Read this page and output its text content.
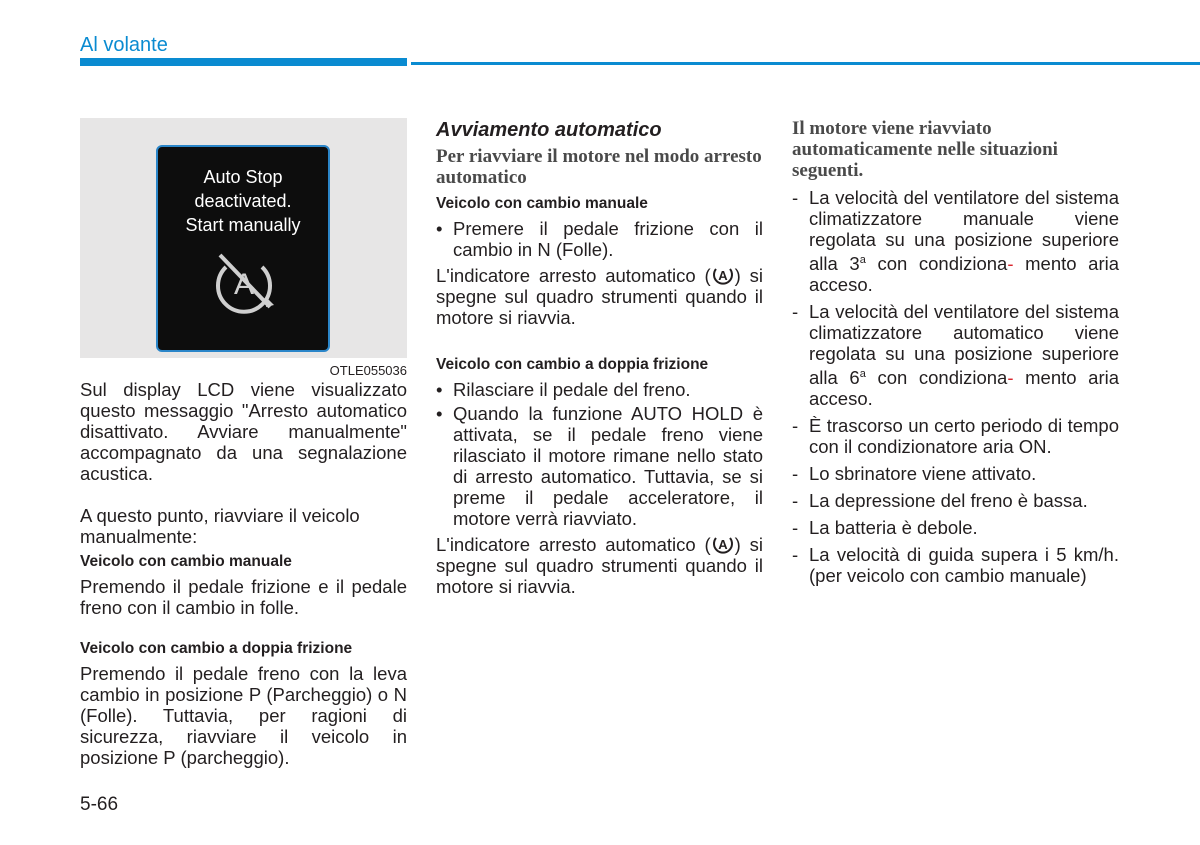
Al volante
Auto Stop
deactivated.
Start manually
A
OTLE055036

Sul display LCD viene visualizzato questo messaggio "Arresto automatico disattivato. Avviare manualmente" accompagnato da una segnalazione acustica.

A questo punto, riavviare il veicolo manualmente:

Veicolo con cambio manuale

Premendo il pedale frizione e il pedale freno con il cambio in folle.

Veicolo con cambio a doppia frizione

Premendo il pedale freno con la leva cambio in posizione P (Parcheggio) o N (Folle). Tuttavia, per ragioni di sicurezza, riavviare il veicolo in posizione P (parcheggio).

Avviamento automatico
Per riavviare il motore nel modo arresto automatico
Veicolo con cambio manuale
• Premere il pedale frizione con il cambio in N (Folle).

L'indicatore arresto automatico ( A ) si spegne sul quadro strumenti quando il motore si riavvia.

Veicolo con cambio a doppia frizione
• Rilasciare il pedale del freno.
• Quando la funzione AUTO HOLD è attivata, se il pedale freno viene rilasciato il motore rimane nello stato di arresto automatico. Tuttavia, se si preme il pedale acceleratore, il motore verrà riavviato.

L'indicatore arresto automatico ( A ) si spegne sul quadro strumenti quando il motore si riavvia.

Il motore viene riavviato automaticamente nelle situazioni seguenti.
- La velocità del ventilatore del sistema climatizzatore manuale viene regolata su una posizione superiore alla 3$^a$ con condiziona- mento aria acceso.
- La velocità del ventilatore del sistema climatizzatore automatico viene regolata su una posizione superiore alla 6$^a$ con condiziona- mento aria acceso.
- È trascorso un certo periodo di tempo con il condizionatore aria ON.
- Lo sbrinatore viene attivato.
- La depressione del freno è bassa.
- La batteria è debole.
- La velocità di guida supera i 5 km/h. (per veicolo con cambio manuale)
5-66
